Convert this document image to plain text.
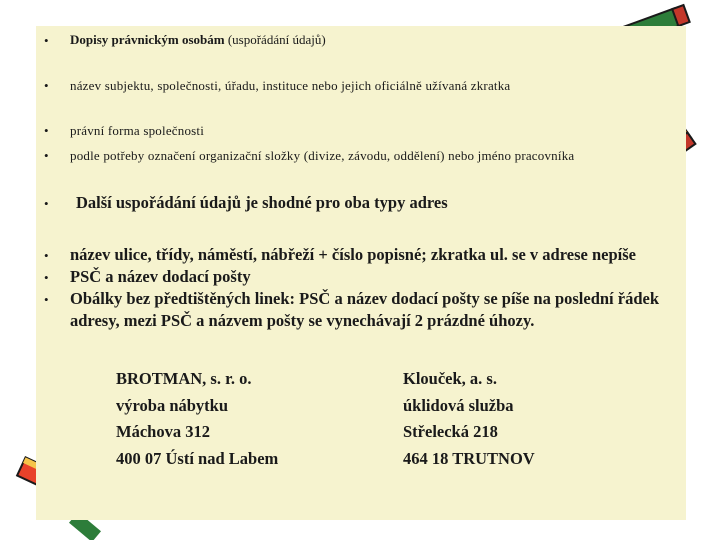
• Dopisy právnickým osobám (uspořádání údajů)
• název subjektu, společnosti, úřadu, instituce nebo jejich oficiálně užívaná zkratka
• právní forma společnosti
• podle potřeby označení organizační složky (divize, závodu, oddělení) nebo jméno pracovníka
• Další uspořádání údajů je shodné pro oba typy adres
• název ulice, třídy, náměstí, nábřeží + číslo popisné; zkratka ul. se v adrese nepíše
• PSČ a název dodací pošty
• Obálky bez předtištěných linek: PSČ a název dodací pošty se píše na poslední řádek adresy, mezi PSČ a názvem pošty se vynechávají 2 prázdné úhozy.
BROTMAN, s. r. o.
výroba nábytku
Máchova 312
400 07 Ústí nad Labem
Klouček, a. s.
úklidová služba
Střelecká 218
464 18 TRUTNOV
